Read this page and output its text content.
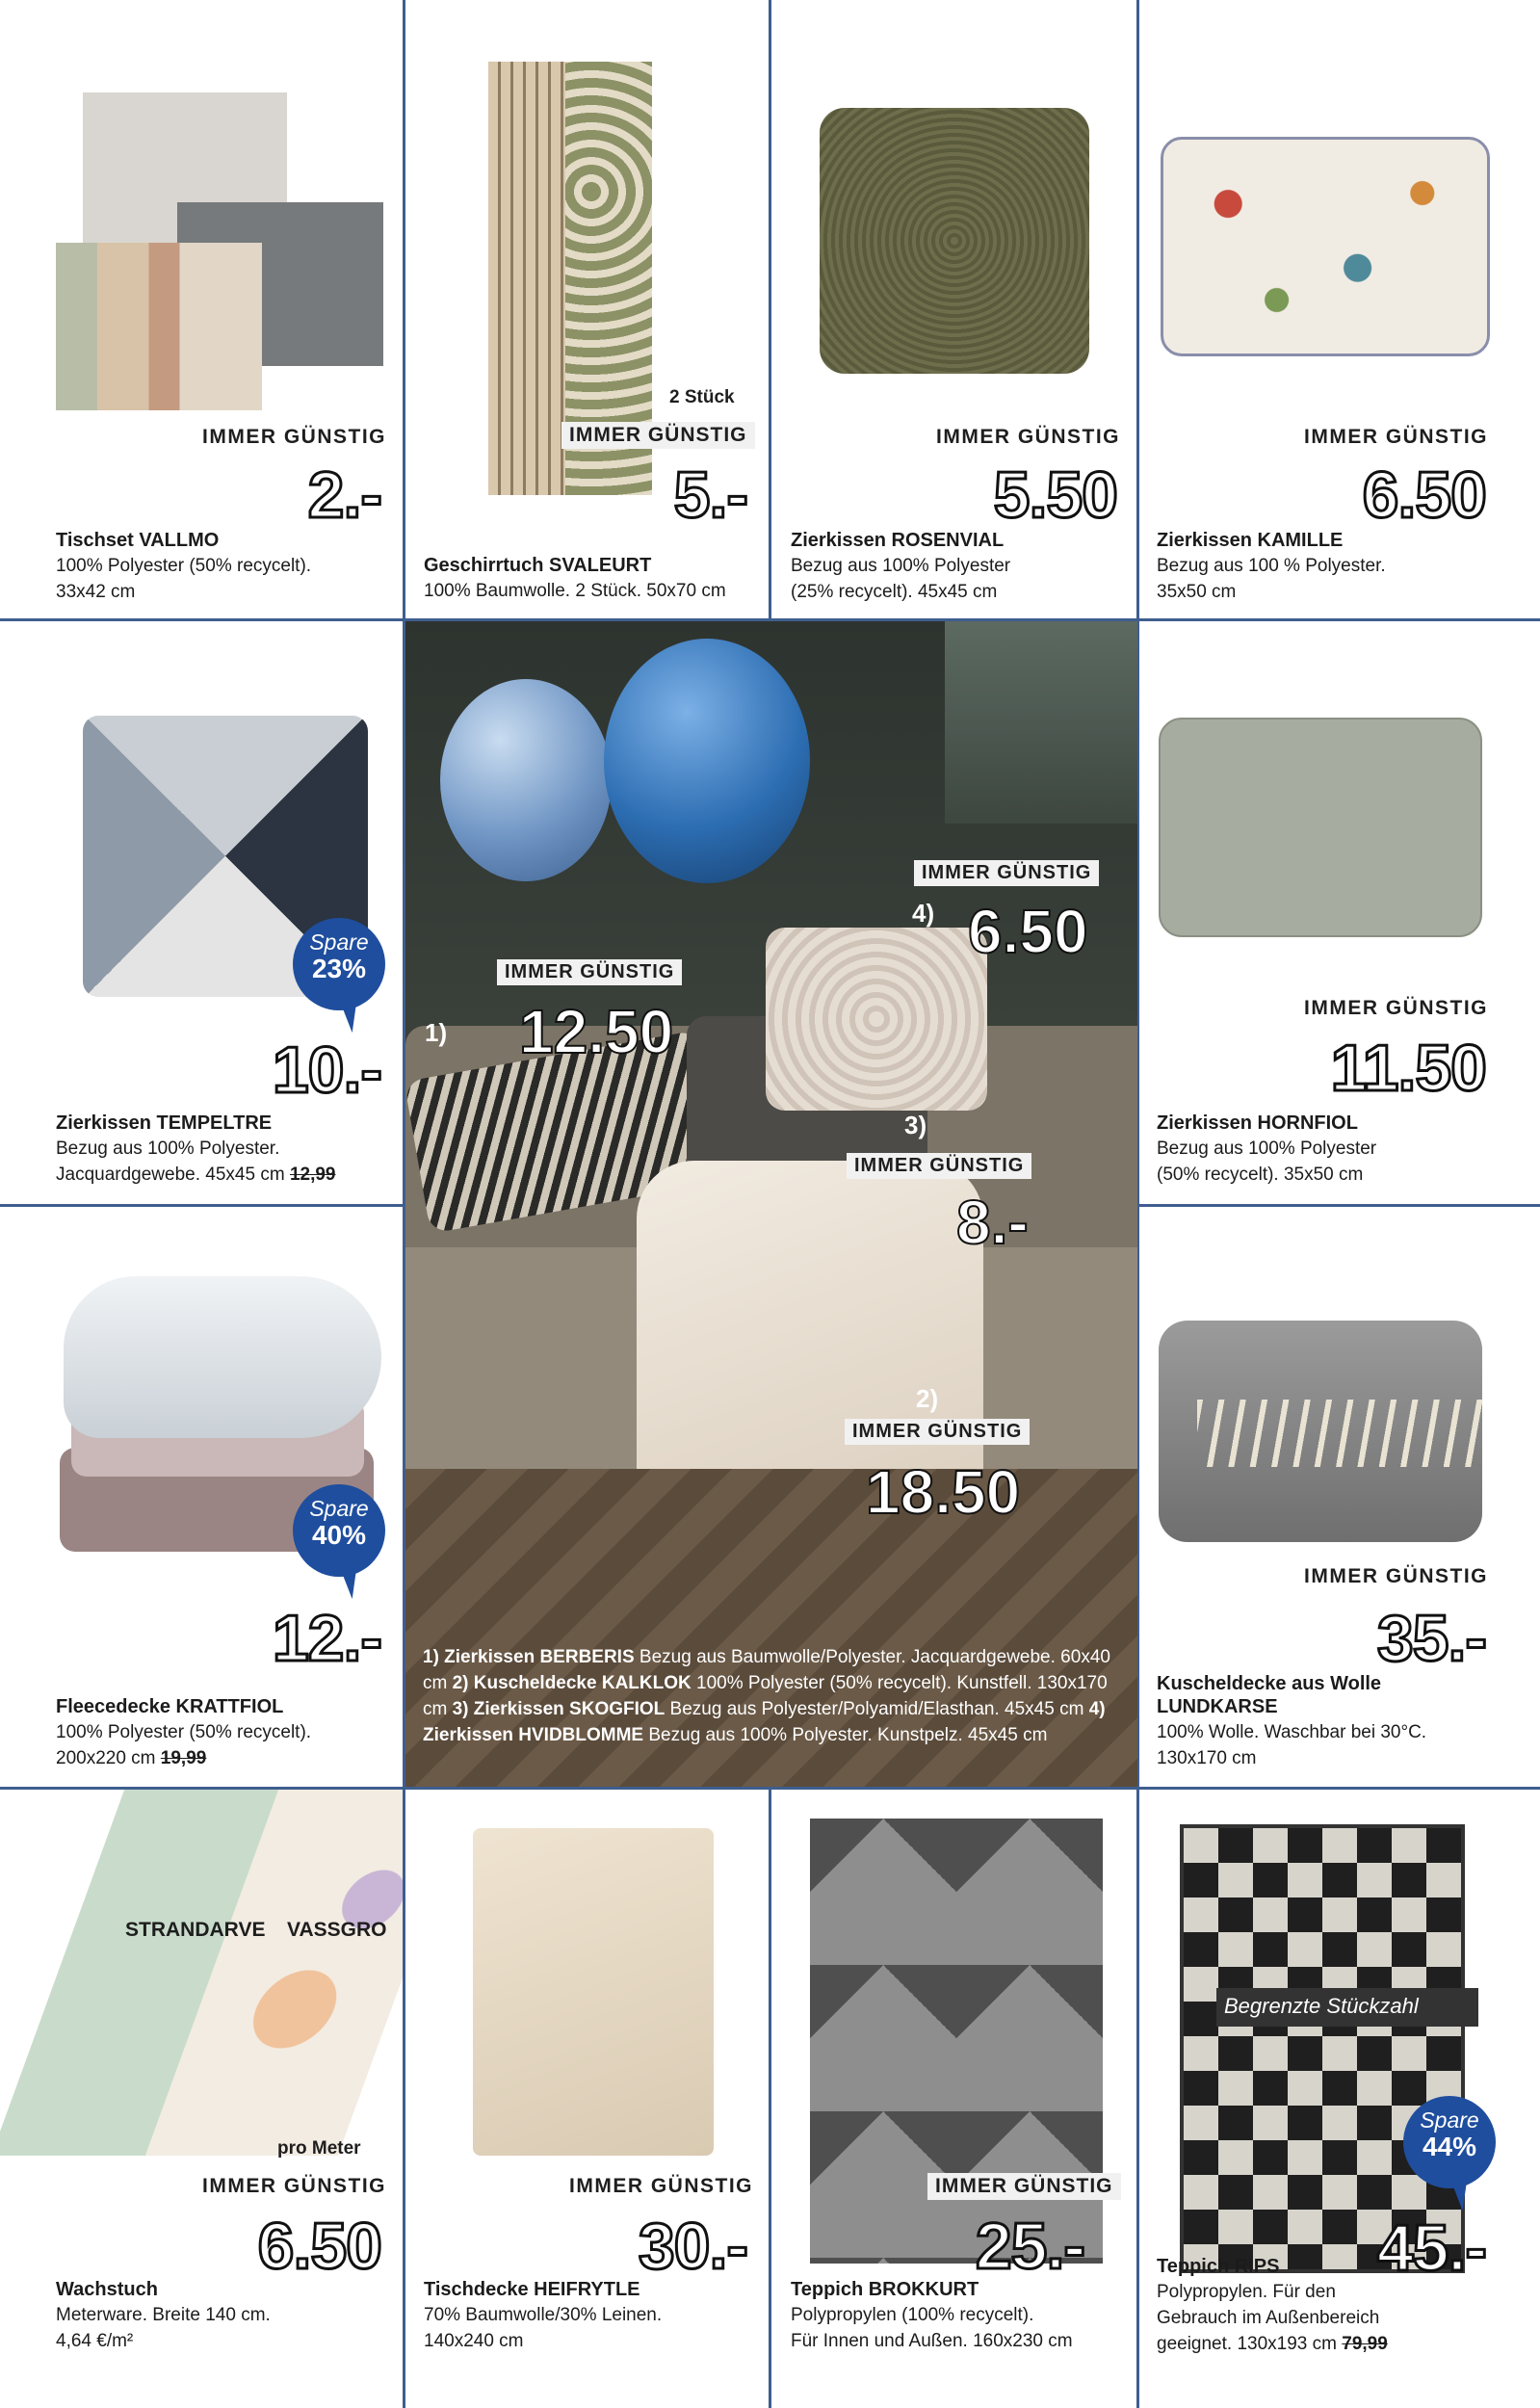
IMMER GÜNSTIG
2.-
Tischset VALLMO
100% Polyester (50% recycelt).
33x42 cm
2 Stück
IMMER GÜNSTIG
5.-
Geschirrtuch SVALEURT
100% Baumwolle. 2 Stück. 50x70 cm
IMMER GÜNSTIG
5.50
Zierkissen ROSENVIAL
Bezug aus 100% Polyester
(25% recycelt). 45x45 cm
IMMER GÜNSTIG
6.50
Zierkissen KAMILLE
Bezug aus 100 % Polyester.
35x50 cm
Spare
23%
10.-
Zierkissen TEMPELTRE
Bezug aus 100% Polyester.
Jacquardgewebe. 45x45 cm 12,99
Spare
40%
12.-
Fleecedecke KRATTFIOL
100% Polyester (50% recycelt).
200x220 cm 19,99
IMMER GÜNSTIG
1) 12.50
4)
IMMER GÜNSTIG
6.50
3)
IMMER GÜNSTIG
8.-
2)
IMMER GÜNSTIG
18.50
1) Zierkissen BERBERIS Bezug aus Baumwolle/Polyester. Jacquardgewebe. 60x40 cm 2) Kuscheldecke KALKLOK 100% Polyester (50% recycelt). Kunstfell. 130x170 cm 3) Zierkissen SKOGFIOL Bezug aus Polyester/Polyamid/Elasthan. 45x45 cm 4) Zierkissen HVIDBLOMME Bezug aus 100% Polyester. Kunstpelz. 45x45 cm
IMMER GÜNSTIG
11.50
Zierkissen HORNFIOL
Bezug aus 100% Polyester
(50% recycelt). 35x50 cm
IMMER GÜNSTIG
35.-
Kuscheldecke aus Wolle
LUNDKARSE
100% Wolle. Waschbar bei 30°C.
130x170 cm
STRANDARVE VASSGRO
pro Meter
IMMER GÜNSTIG
6.50
Wachstuch
Meterware. Breite 140 cm.
4,64 €/m²
IMMER GÜNSTIG
30.-
Tischdecke HEIFRYTLE
70% Baumwolle/30% Leinen.
140x240 cm
IMMER GÜNSTIG
25.-
Teppich BROKKURT
Polypropylen (100% recycelt).
Für Innen und Außen. 160x230 cm
Begrenzte Stückzahl
Spare
44%
45.-
Teppich RIPS
Polypropylen. Für den
Gebrauch im Außenbereich
geeignet. 130x193 cm 79,99
